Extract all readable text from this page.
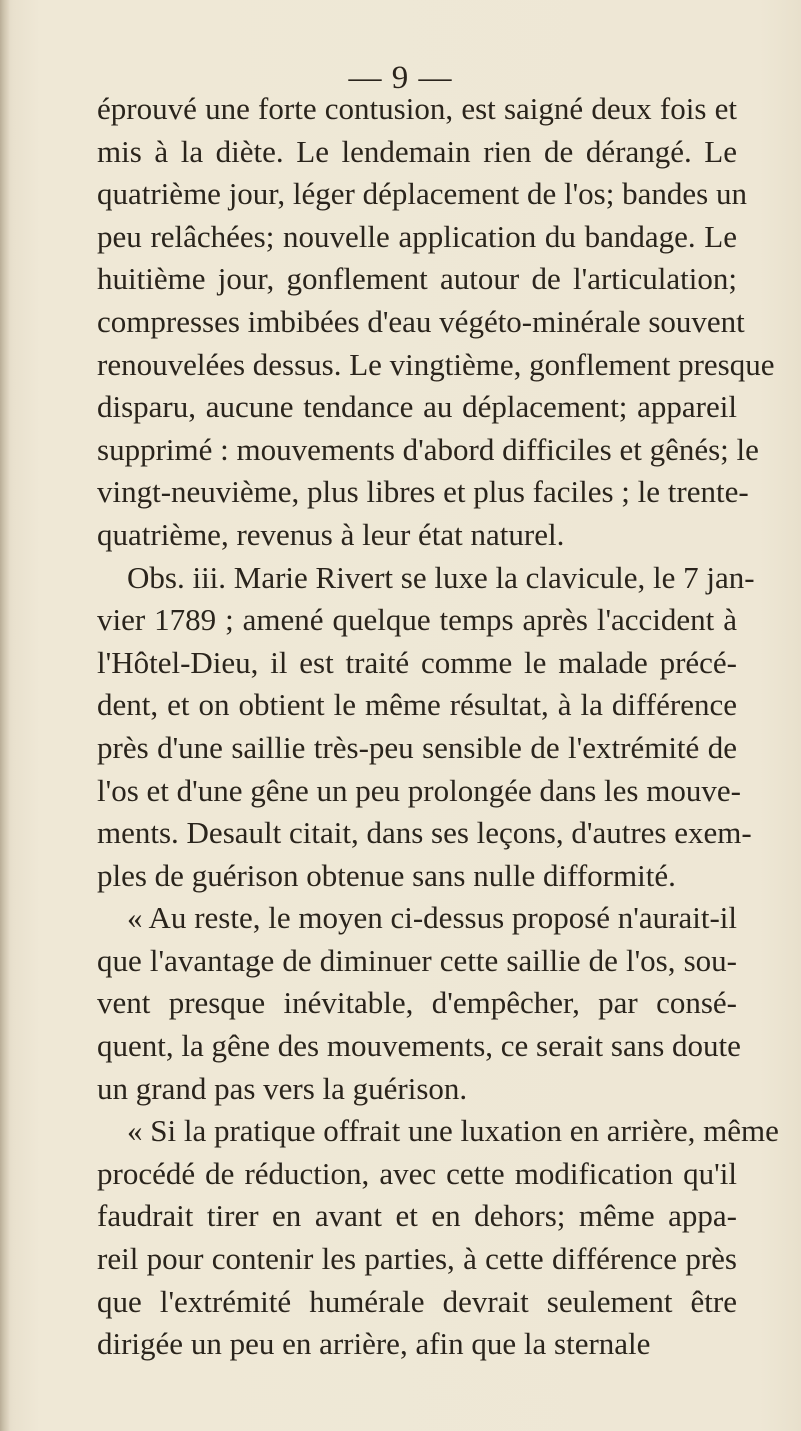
— 9 —
éprouvé une forte contusion, est saigné deux fois et
mis à la diète. Le lendemain rien de dérangé. Le
quatrième jour, léger déplacement de l'os; bandes un
peu relâchées; nouvelle application du bandage. Le
huitième jour, gonflement autour de l'articulation;
compresses imbibées d'eau végéto-minérale souvent
renouvelées dessus. Le vingtième, gonflement presque
disparu, aucune tendance au déplacement; appareil
supprimé : mouvements d'abord difficiles et gênés; le
vingt-neuvième, plus libres et plus faciles ; le trente-
quatrième, revenus à leur état naturel.
Obs. iii. Marie Rivert se luxe la clavicule, le 7 jan-
vier 1789 ; amené quelque temps après l'accident à
l'Hôtel-Dieu, il est traité comme le malade précé-
dent, et on obtient le même résultat, à la différence
près d'une saillie très-peu sensible de l'extrémité de
l'os et d'une gêne un peu prolongée dans les mouve-
ments. Desault citait, dans ses leçons, d'autres exem-
ples de guérison obtenue sans nulle difformité.
« Au reste, le moyen ci-dessus proposé n'aurait-il
que l'avantage de diminuer cette saillie de l'os, sou-
vent presque inévitable, d'empêcher, par consé-
quent, la gêne des mouvements, ce serait sans doute
un grand pas vers la guérison.
« Si la pratique offrait une luxation en arrière, même
procédé de réduction, avec cette modification qu'il
faudrait tirer en avant et en dehors; même appa-
reil pour contenir les parties, à cette différence près
que l'extrémité humérale devrait seulement être
dirigée un peu en arrière, afin que la sternale
